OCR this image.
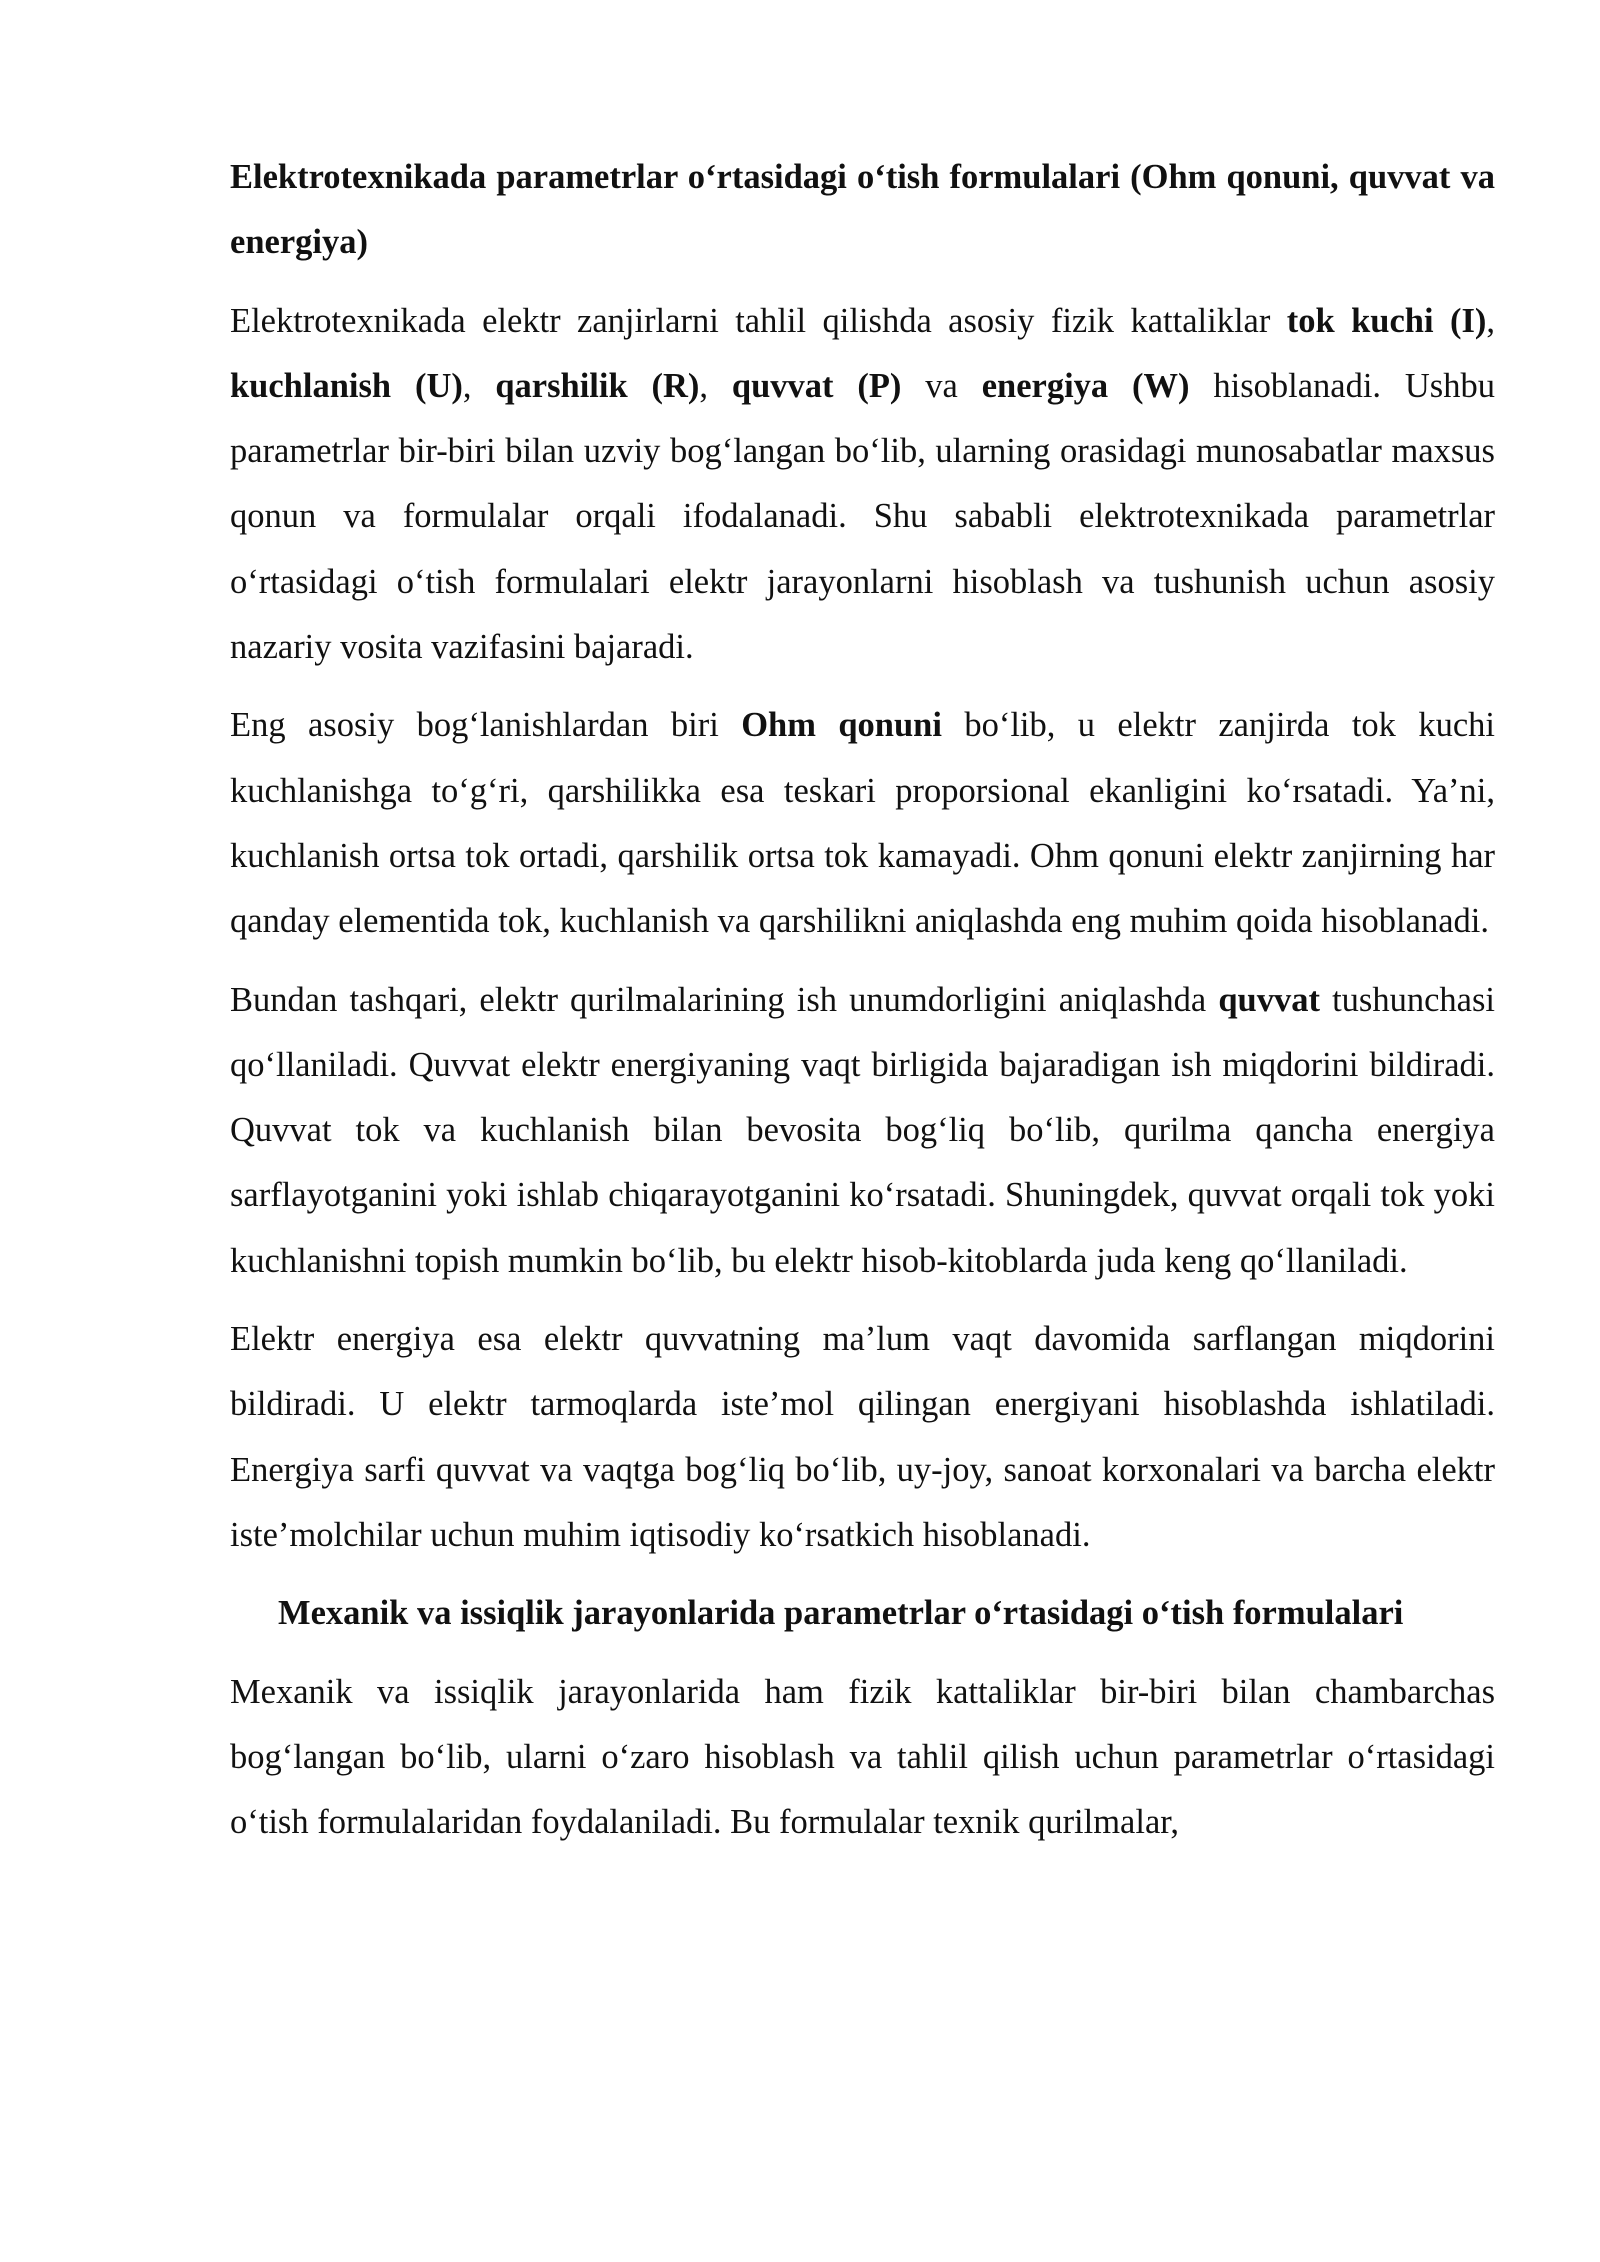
Elektrotexnikada parametrlar o‘rtasidagi o‘tish formulalari (Ohm qonuni, quvvat va energiya)
Elektrotexnikada elektr zanjirlarni tahlil qilishda asosiy fizik kattaliklar tok kuchi (I), kuchlanish (U), qarshilik (R), quvvat (P) va energiya (W) hisoblanadi. Ushbu parametrlar bir-biri bilan uzviy bog‘langan bo‘lib, ularning orasidagi munosabatlar maxsus qonun va formulalar orqali ifodalanadi. Shu sababli elektrotexnikada parametrlar o‘rtasidagi o‘tish formulalari elektr jarayonlarni hisoblash va tushunish uchun asosiy nazariy vosita vazifasini bajaradi.
Eng asosiy bog‘lanishlardan biri Ohm qonuni bo‘lib, u elektr zanjirda tok kuchi kuchlanishga to‘g‘ri, qarshilikka esa teskari proporsional ekanligini ko‘rsatadi. Ya’ni, kuchlanish ortsa tok ortadi, qarshilik ortsa tok kamayadi. Ohm qonuni elektr zanjirning har qanday elementida tok, kuchlanish va qarshilikni aniqlashda eng muhim qoida hisoblanadi.
Bundan tashqari, elektr qurilmalarining ish unumdorligini aniqlashda quvvat tushunchasi qo‘llaniladi. Quvvat elektr energiyaning vaqt birligida bajaradigan ish miqdorini bildiradi. Quvvat tok va kuchlanish bilan bevosita bog‘liq bo‘lib, qurilma qancha energiya sarflayotganini yoki ishlab chiqarayotganini ko‘rsatadi. Shuningdek, quvvat orqali tok yoki kuchlanishni topish mumkin bo‘lib, bu elektr hisob-kitoblarda juda keng qo‘llaniladi.
Elektr energiya esa elektr quvvatning ma’lum vaqt davomida sarflangan miqdorini bildiradi. U elektr tarmoqlarda iste’mol qilingan energiyani hisoblashda ishlatiladi. Energiya sarfi quvvat va vaqtga bog‘liq bo‘lib, uy-joy, sanoat korxonalari va barcha elektr iste’molchilar uchun muhim iqtisodiy ko‘rsatkich hisoblanadi.
Mexanik va issiqlik jarayonlarida parametrlar o‘rtasidagi o‘tish formulalari
Mexanik va issiqlik jarayonlarida ham fizik kattaliklar bir-biri bilan chambarchas bog‘langan bo‘lib, ularni o‘zaro hisoblash va tahlil qilish uchun parametrlar o‘rtasidagi o‘tish formulalaridan foydalaniladi. Bu formulalar texnik qurilmalar,
